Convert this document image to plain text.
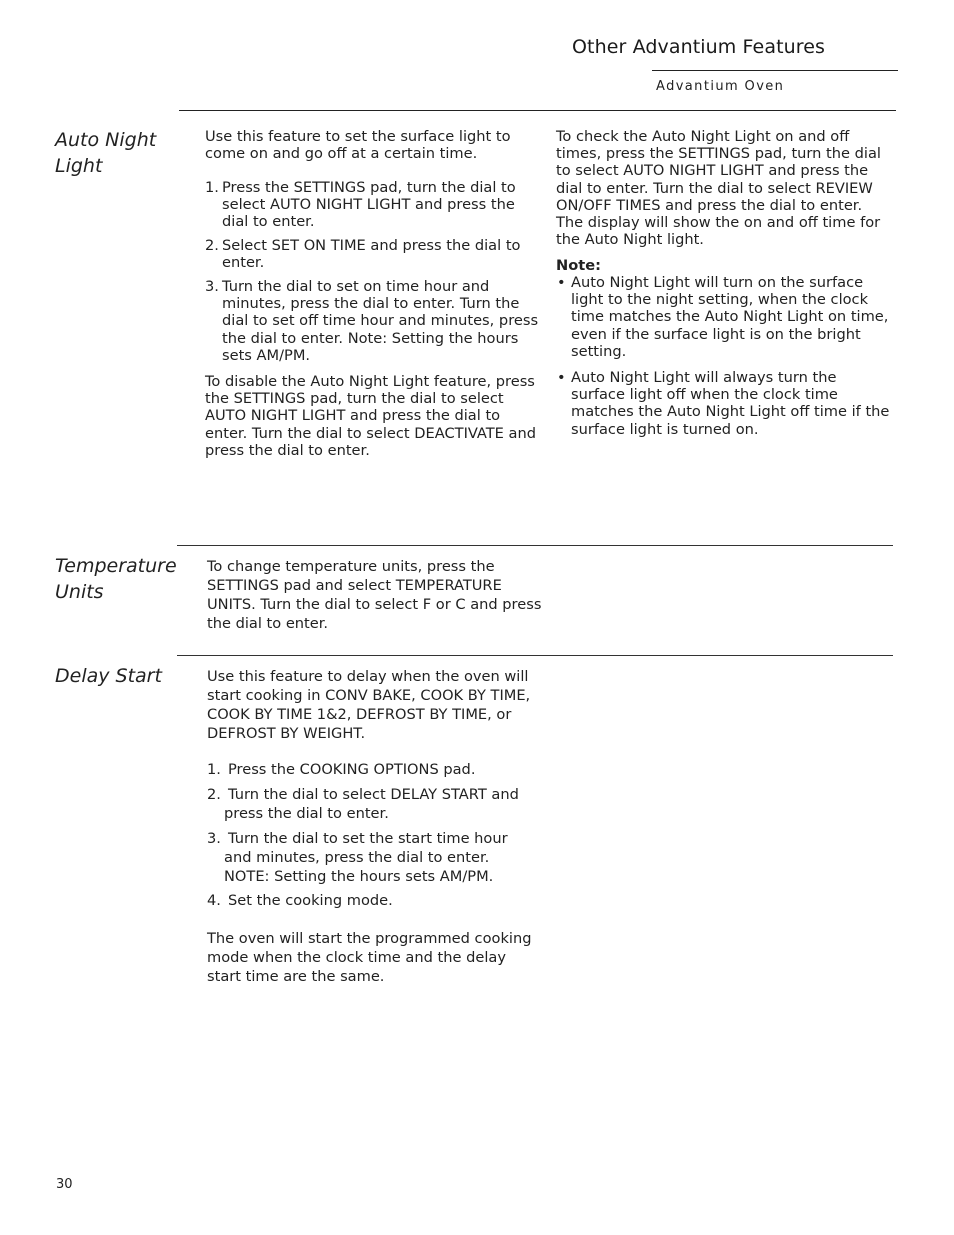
Other Advantium Features
Advantium Oven
Auto Night
Light
Use this feature to set the surface light to
come on and go off at a certain time.
1. Press the SETTINGS pad, turn the dial to
select AUTO NIGHT LIGHT and press the
dial to enter.
2. Select SET ON TIME and press the dial to
enter.
3. Turn the dial to set on time hour and
minutes, press the dial to enter. Turn the
dial to set off time hour and minutes, press
the dial to enter. Note: Setting the hours
sets AM/PM.
To disable the Auto Night Light feature, press
the SETTINGS pad, turn the dial to select
AUTO NIGHT LIGHT and press the dial to
enter. Turn the dial to select DEACTIVATE and
press the dial to enter.
To check the Auto Night Light on and off
times, press the SETTINGS pad, turn the dial
to select AUTO NIGHT LIGHT and press the
dial to enter. Turn the dial to select REVIEW
ON/OFF TIMES and press the dial to enter.
The display will show the on and off time for
the Auto Night light.
Note:
• Auto Night Light will turn on the surface
light to the night setting, when the clock
time matches the Auto Night Light on time,
even if the surface light is on the bright
setting.
• Auto Night Light will always turn the
surface light off when the clock time
matches the Auto Night Light off time if the
surface light is turned on.
Temperature
Units
To change temperature units, press the
SETTINGS pad and select TEMPERATURE
UNITS. Turn the dial to select F or C and press
the dial to enter.
Delay Start	Use this feature to delay when the oven will
start cooking in CONV BAKE, COOK BY TIME,
COOK BY TIME 1&2, DEFROST BY TIME, or
DEFROST BY WEIGHT.
1. Press the COOKING OPTIONS pad.
2. Turn the dial to select DELAY START and
press the dial to enter.
3. Turn the dial to set the start time hour
and minutes, press the dial to enter.
NOTE: Setting the hours sets AM/PM.
4. Set the cooking mode.
The oven will start the programmed cooking
mode when the clock time and the delay
start time are the same.
30
